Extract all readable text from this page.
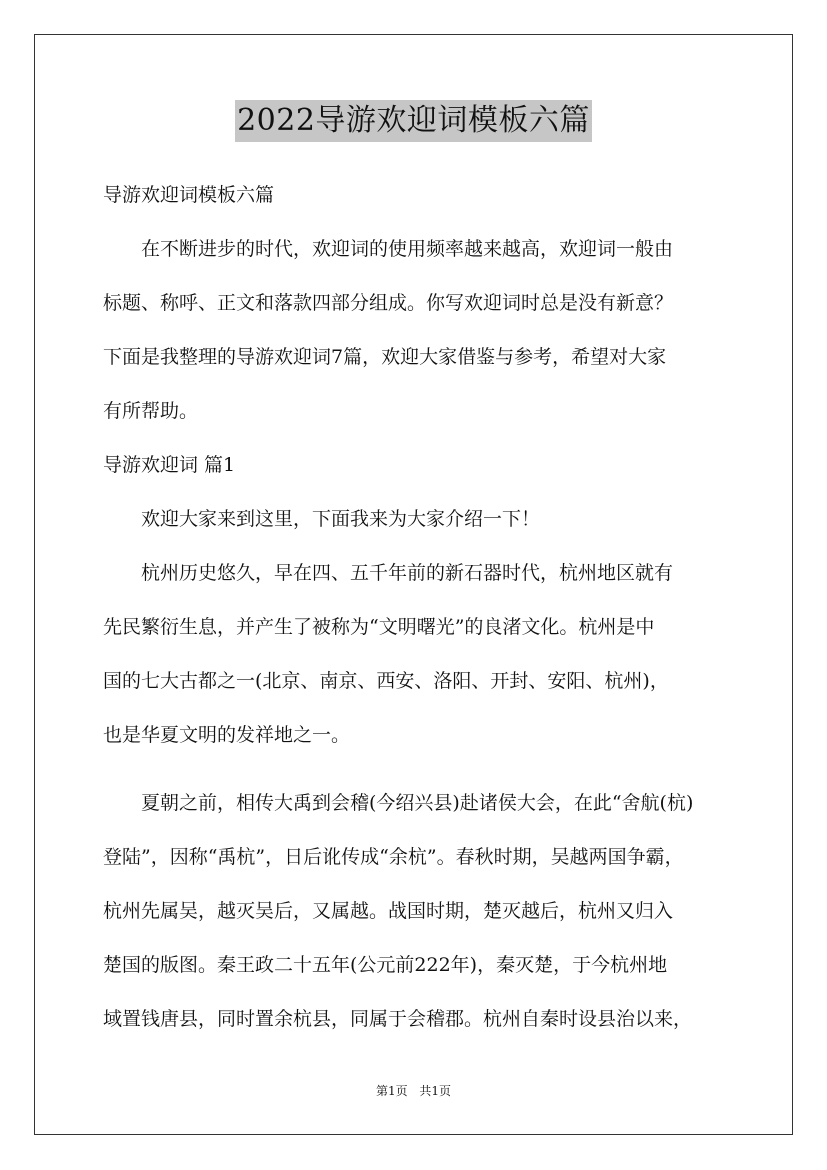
2022导游欢迎词模板六篇
导游欢迎词模板六篇
　　在不断进步的时代，欢迎词的使用频率越来越高，欢迎词一般由
标题、称呼、正文和落款四部分组成。你写欢迎词时总是没有新意？
下面是我整理的导游欢迎词7篇，欢迎大家借鉴与参考，希望对大家
有所帮助。
导游欢迎词 篇1
　　欢迎大家来到这里，下面我来为大家介绍一下！
　　杭州历史悠久，早在四、五千年前的新石器时代，杭州地区就有
先民繁衍生息，并产生了被称为“文明曙光”的良渚文化。杭州是中
国的七大古都之一(北京、南京、西安、洛阳、开封、安阳、杭州)，
也是华夏文明的发祥地之一。
　　夏朝之前，相传大禹到会稽(今绍兴县)赴诸侯大会，在此“舍航(杭)
登陆”，因称“禹杭”，日后讹传成“余杭”。春秋时期，吴越两国争霸，
杭州先属吴，越灭吴后，又属越。战国时期，楚灭越后，杭州又归入
楚国的版图。秦王政二十五年(公元前222年)，秦灭楚，于今杭州地
域置钱唐县，同时置余杭县，同属于会稽郡。杭州自秦时设县治以来，
第1页 共1页
